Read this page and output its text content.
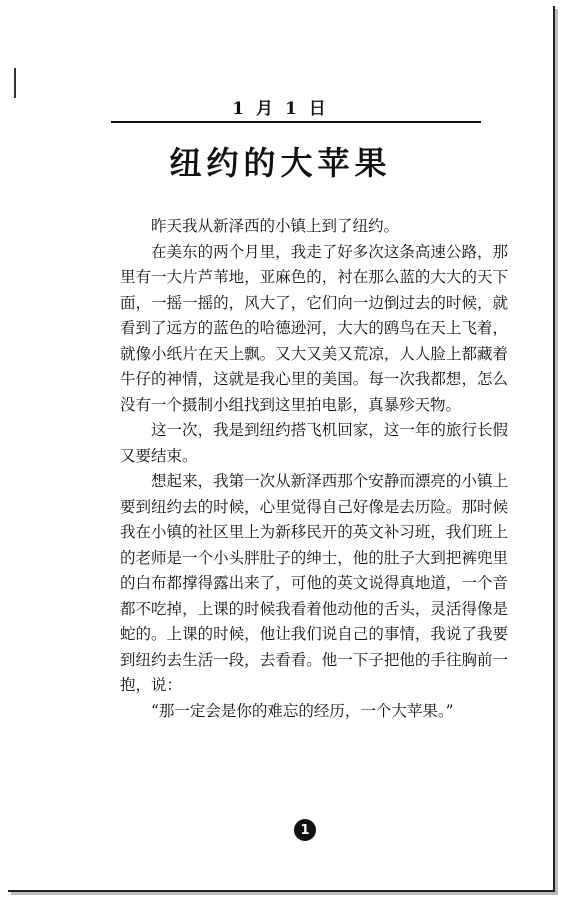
1 月 1 日
纽约的大苹果

昨天我从新泽西的小镇上到了纽约。

在美东的两个月里，我走了好多次这条高速公路，那里有一大片芦苇地，亚麻色的，衬在那么蓝的大大的天下面，一摇一摇的，风大了，它们向一边倒过去的时候，就看到了远方的蓝色的哈德逊河，大大的鸥鸟在天上飞着，就像小纸片在天上飘。又大又美又荒凉，人人脸上都藏着牛仔的神情，这就是我心里的美国。每一次我都想，怎么没有一个摄制小组找到这里拍电影，真暴殄天物。

这一次，我是到纽约搭飞机回家，这一年的旅行长假又要结束。

想起来，我第一次从新泽西那个安静而漂亮的小镇上要到纽约去的时候，心里觉得自己好像是去历险。那时候我在小镇的社区里上为新移民开的英文补习班，我们班上的老师是一个小头胖肚子的绅士，他的肚子大到把裤兜里的白布都撑得露出来了，可他的英文说得真地道，一个音都不吃掉，上课的时候我看着他动他的舌头，灵活得像是蛇的。上课的时候，他让我们说自己的事情，我说了我要到纽约去生活一段，去看看。他一下子把他的手往胸前一抱，说：

“那一定会是你的难忘的经历，一个大苹果。”

1
